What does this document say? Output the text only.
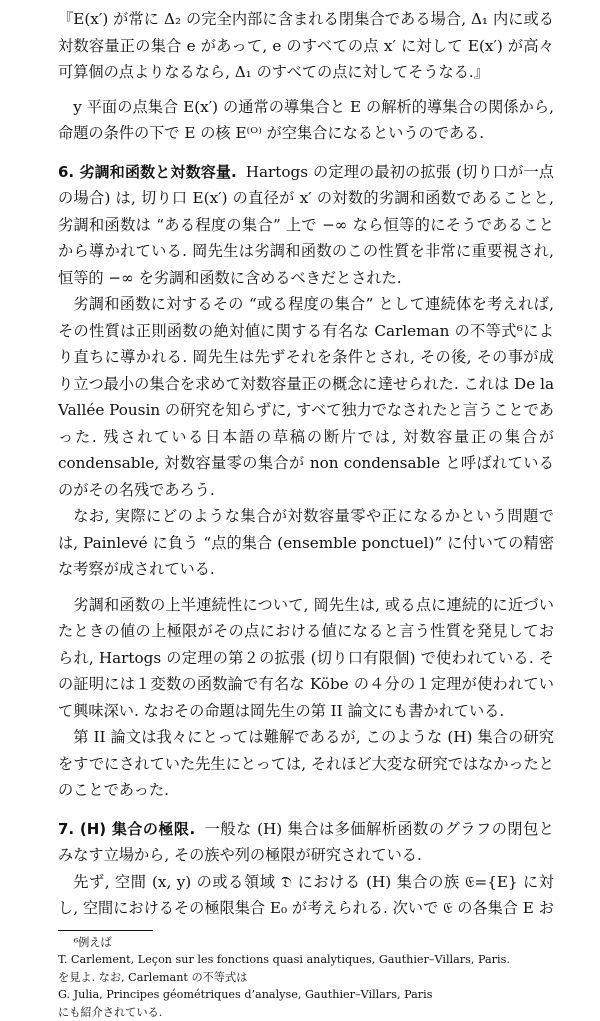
『E(x′) が常に Δ₂ の完全内部に含まれる閉集合である場合, Δ₁ 内に或る対数容量正の集合 e があって, e のすべての点 x′ に対して E(x′) が高々可算個の点よりなるなら, Δ₁ のすべての点に対してそうなる.』

y 平面の点集合 E(x′) の通常の導集合と E の解析的導集合の関係から, 命題の条件の下で E の核 E⁽ᴼ⁾ が空集合になるというのである.

6. 劣調和函数と対数容量. Hartogs の定理の最初の拡張 (切り口が一点の場合) は, 切り口 E(x′) の直径が x′ の対数的劣調和函数であることと, 劣調和函数は “ある程度の集合” 上で −∞ なら恒等的にそうであることから導かれている. 岡先生は劣調和函数のこの性質を非常に重要視され, 恒等的 −∞ を劣調和函数に含めるべきだとされた.

劣調和函数に対するその “或る程度の集合” として連続体を考えれば, その性質は正則函数の絶対値に関する有名な Carleman の不等式⁶により直ちに導かれる. 岡先生は先ずそれを条件とされ, その後, その事が成り立つ最小の集合を求めて対数容量正の概念に達せられた. これは De la Vallée Pousin の研究を知らずに, すべて独力でなされたと言うことであった. 残されている日本語の草稿の断片では, 対数容量正の集合が condensable, 対数容量零の集合が non condensable と呼ばれているのがその名残であろう.

なお, 実際にどのような集合が対数容量零や正になるかという問題では, Painlevé に負う “点的集合 (ensemble ponctuel)” に付いての精密な考察が成されている.

劣調和函数の上半連続性について, 岡先生は, 或る点に連続的に近づいたときの値の上極限がその点における値になると言う性質を発見しておられ, Hartogs の定理の第２の拡張 (切り口有限個) で使われている. その証明には１変数の函数論で有名な Köbe の４分の１定理が使われていて興味深い. なおその命題は岡先生の第 II 論文にも書かれている.

第 II 論文は我々にとっては難解であるが, このような (H) 集合の研究をすでにされていた先生にとっては, それほど大変な研究ではなかったとのことであった.

7. (H) 集合の極限. 一般な (H) 集合は多価解析函数のグラフの閉包とみなす立場から, その族や列の極限が研究されている.

先ず, 空間 (x, y) の或る領域 𝔇 における (H) 集合の族 𝔈={E} に対し, 空間におけるその極限集合 E₀ が考えられる. 次いで 𝔈 の各集合 E お

⁶例えば
T. Carlement, Leçon sur les fonctions quasi analytiques, Gauthier–Villars, Paris.
を見よ. なお, Carlemant の不等式は
G. Julia, Principes géométriques d’analyse, Gauthier–Villars, Paris
にも紹介されている.
